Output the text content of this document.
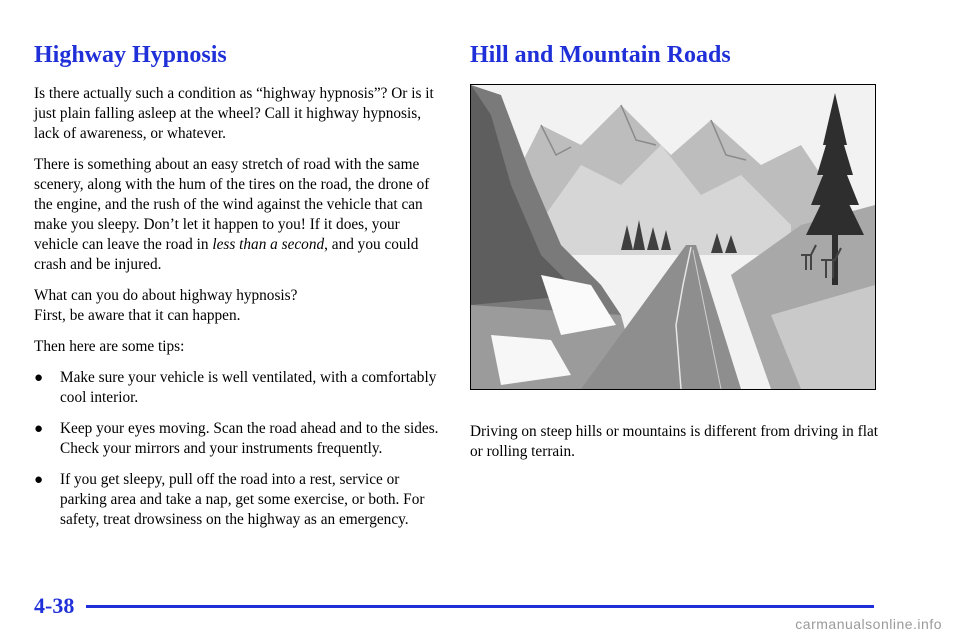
Highway Hypnosis

Is there actually such a condition as “highway hypnosis”? Or is it just plain falling asleep at the wheel? Call it highway hypnosis, lack of awareness, or whatever.

There is something about an easy stretch of road with the same scenery, along with the hum of the tires on the road, the drone of the engine, and the rush of the wind against the vehicle that can make you sleepy. Don’t let it happen to you! If it does, your vehicle can leave the road in less than a second, and you could crash and be injured.

What can you do about highway hypnosis?
First, be aware that it can happen.

Then here are some tips:

● Make sure your vehicle is well ventilated, with a comfortably cool interior.
● Keep your eyes moving. Scan the road ahead and to the sides. Check your mirrors and your instruments frequently.
● If you get sleepy, pull off the road into a rest, service or parking area and take a nap, get some exercise, or both. For safety, treat drowsiness on the highway as an emergency.
Hill and Mountain Roads

Driving on steep hills or mountains is different from driving in flat or rolling terrain.

4-38
carmanualsonline.info
